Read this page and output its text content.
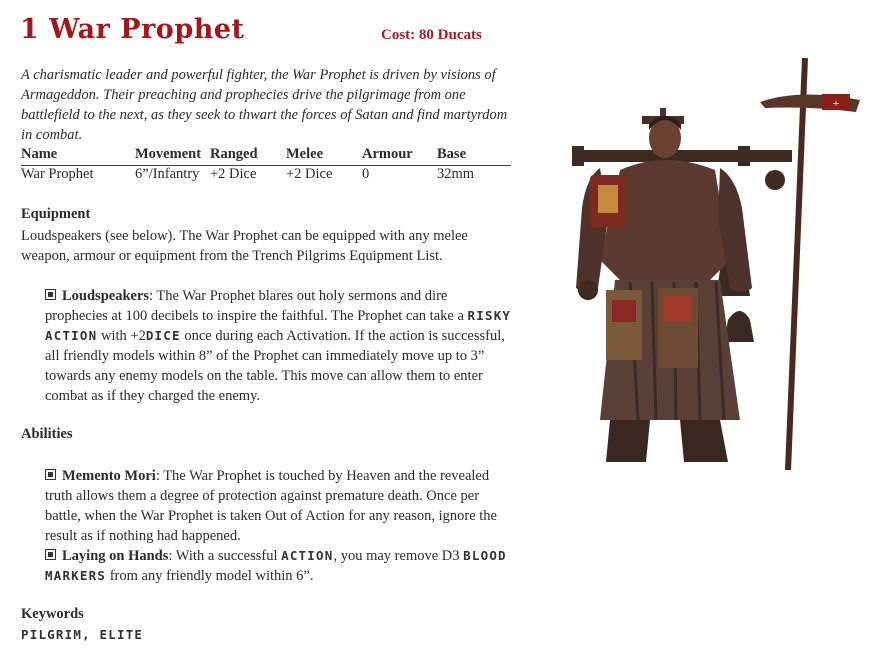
1 War Prophet	Cost: 80 Ducats
A charismatic leader and powerful fighter, the War Prophet is driven by visions of Armageddon. Their preaching and prophecies drive the pilgrimage from one battlefield to the next, as they seek to thwart the forces of Satan and find martyrdom in combat.
Name	Movement Ranged Melee	Armour Base
War Prophet	6”/Infantry +2 Dice +2 Dice 0	32mm
Equipment
Loudspeakers (see below). The War Prophet can be equipped with any melee weapon, armour or equipment from the Trench Pilgrims Equipment List.
Loudspeakers: The War Prophet blares out holy sermons and dire prophecies at 100 decibels to inspire the faithful. The Prophet can take a RISKY ACTION with +2DICE once during each Activation. If the action is successful, all friendly models within 8” of the Prophet can immediately move up to 3” towards any enemy models on the table. This move can allow them to enter combat as if they charged the enemy.
Abilities
Memento Mori: The War Prophet is touched by Heaven and the revealed truth allows them a degree of protection against premature death. Once per battle, when the War Prophet is taken Out of Action for any reason, ignore the result as if nothing had happened.
Laying on Hands: With a successful ACTION, you may remove D3 BLOOD MARKERS from any friendly model within 6”.
Keywords
PILGRIM, ELITE
+
